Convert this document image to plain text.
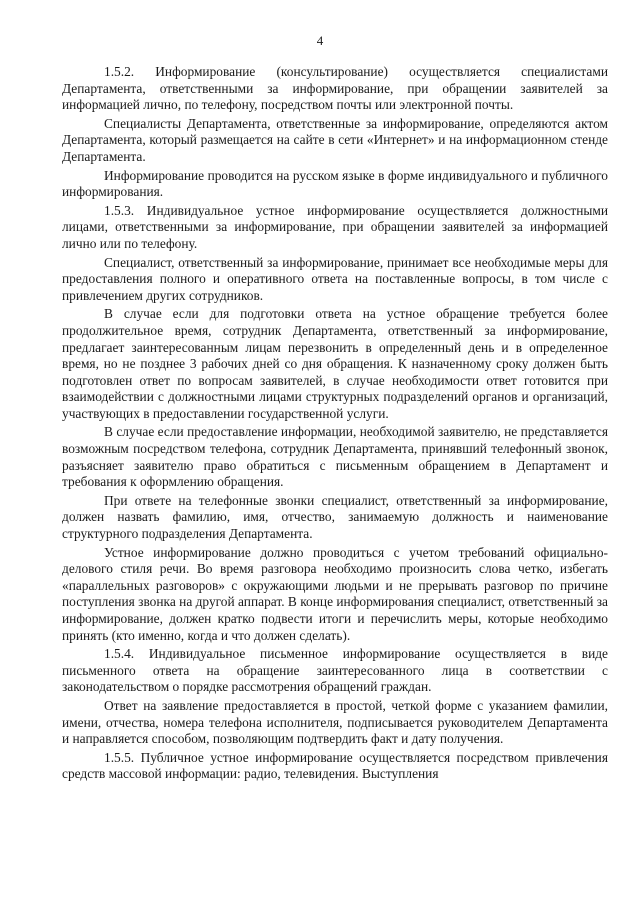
4

1.5.2. Информирование (консультирование) осуществляется специалистами Департамента, ответственными за информирование, при обращении заявителей за информацией лично, по телефону, посредством почты или электронной почты.

Специалисты Департамента, ответственные за информирование, определяются актом Департамента, который размещается на сайте в сети «Интернет» и на информационном стенде Департамента.

Информирование проводится на русском языке в форме индивидуального и публичного информирования.

1.5.3. Индивидуальное устное информирование осуществляется должностными лицами, ответственными за информирование, при обращении заявителей за информацией лично или по телефону.

Специалист, ответственный за информирование, принимает все необходимые меры для предоставления полного и оперативного ответа на поставленные вопросы, в том числе с привлечением других сотрудников.

В случае если для подготовки ответа на устное обращение требуется более продолжительное время, сотрудник Департамента, ответственный за информирование, предлагает заинтересованным лицам перезвонить в определенный день и в определенное время, но не позднее 3 рабочих дней со дня обращения. К назначенному сроку должен быть подготовлен ответ по вопросам заявителей, в случае необходимости ответ готовится при взаимодействии с должностными лицами структурных подразделений органов и организаций, участвующих в предоставлении государственной услуги.

В случае если предоставление информации, необходимой заявителю, не представляется возможным посредством телефона, сотрудник Департамента, принявший телефонный звонок, разъясняет заявителю право обратиться с письменным обращением в Департамент и требования к оформлению обращения.

При ответе на телефонные звонки специалист, ответственный за информирование, должен назвать фамилию, имя, отчество, занимаемую должность и наименование структурного подразделения Департамента.

Устное информирование должно проводиться с учетом требований официально-делового стиля речи. Во время разговора необходимо произносить слова четко, избегать «параллельных разговоров» с окружающими людьми и не прерывать разговор по причине поступления звонка на другой аппарат. В конце информирования специалист, ответственный за информирование, должен кратко подвести итоги и перечислить меры, которые необходимо принять (кто именно, когда и что должен сделать).

1.5.4. Индивидуальное письменное информирование осуществляется в виде письменного ответа на обращение заинтересованного лица в соответствии с законодательством о порядке рассмотрения обращений граждан.

Ответ на заявление предоставляется в простой, четкой форме с указанием фамилии, имени, отчества, номера телефона исполнителя, подписывается руководителем Департамента и направляется способом, позволяющим подтвердить факт и дату получения.

1.5.5. Публичное устное информирование осуществляется посредством привлечения средств массовой информации: радио, телевидения. Выступления
